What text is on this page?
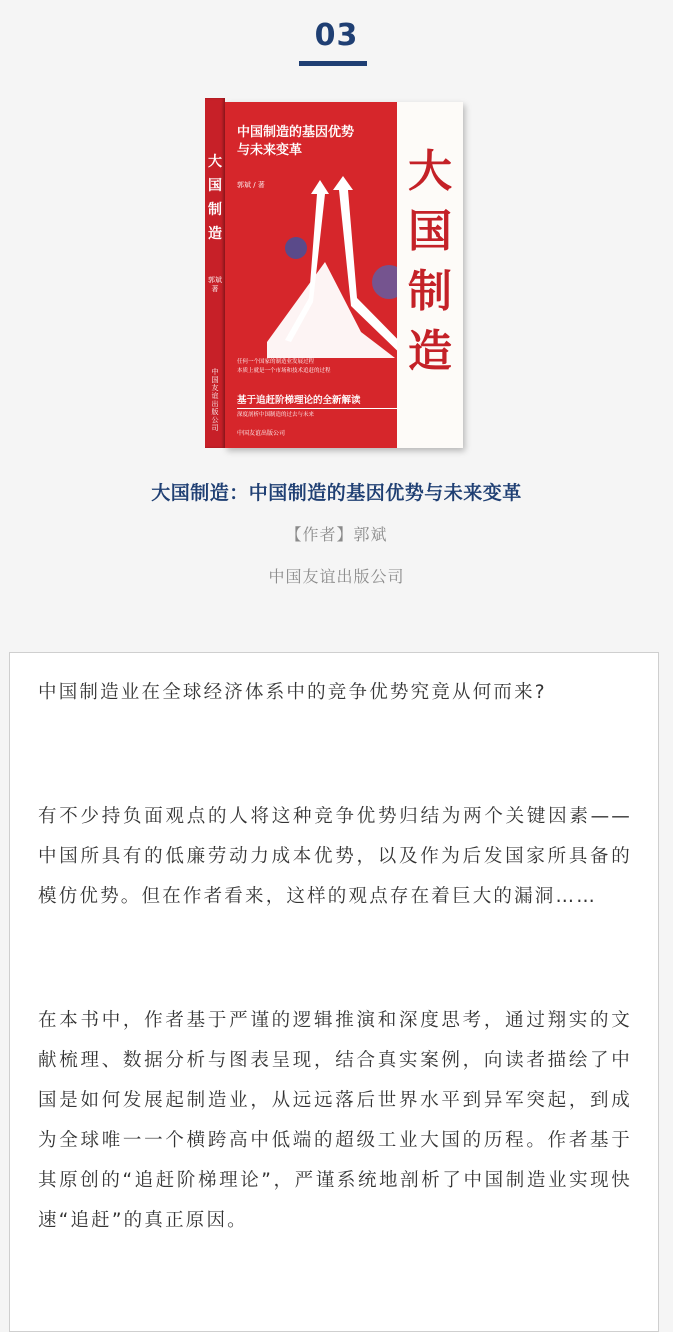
03
大
国
制
造
郭斌 著
中
国
友
谊
出
版
公
司
中国制造的基因优势
与未来变革
郭斌 / 著	大
国
制
造
任何一个国家的制造业发展过程
本质上就是一个市场和技术追赶的过程
基于追赶阶梯理论的全新解读
深度剖析中国制造的过去与未来
中国友谊出版公司
大国制造：中国制造的基因优势与未来变革
【作者】郭斌
中国友谊出版公司

中国制造业在全球经济体系中的竞争优势究竟从何而来?

有不少持负面观点的人将这种竞争优势归结为两个关键因素——中国所具有的低廉劳动力成本优势，以及作为后发国家所具备的模仿优势。但在作者看来，这样的观点存在着巨大的漏洞……

在本书中，作者基于严谨的逻辑推演和深度思考，通过翔实的文献梳理、数据分析与图表呈现，结合真实案例，向读者描绘了中国是如何发展起制造业，从远远落后世界水平到异军突起，到成为全球唯一一个横跨高中低端的超级工业大国的历程。作者基于其原创的“追赶阶梯理论”，严谨系统地剖析了中国制造业实现快速“追赶”的真正原因。
